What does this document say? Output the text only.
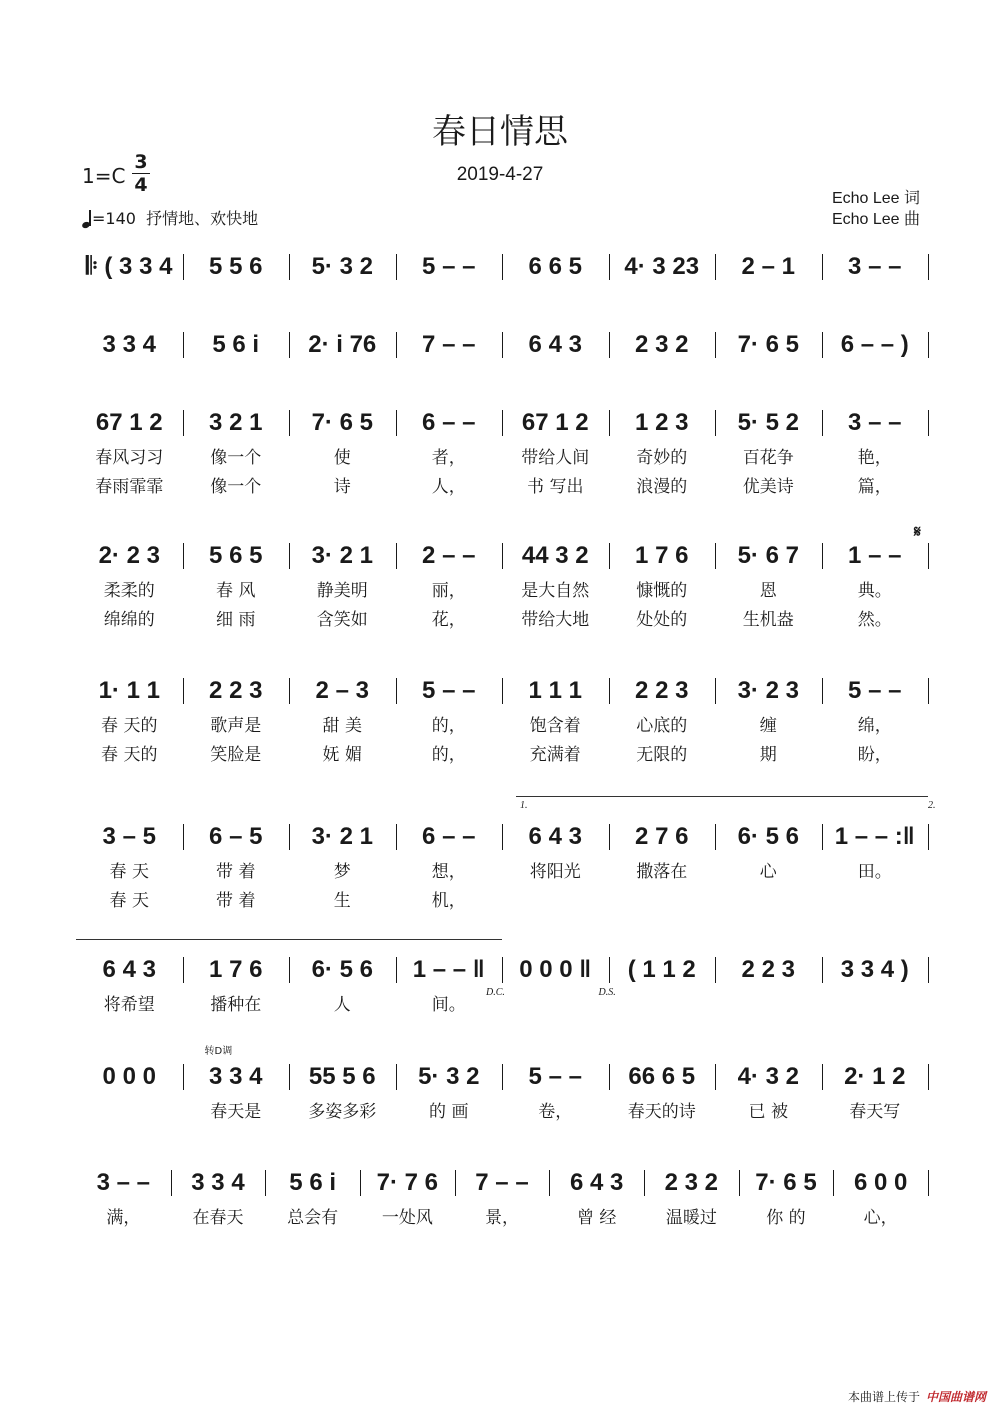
春日情思
2019-4-27
1=C
3
4
=140 抒情地、欢快地
Echo Lee 词
Echo Lee 曲
𝄋
𝄆 ( 3 3 4	5 5 6	5· 3 2	5 – –	6 6 5	4· 3 23	2 – 1	3 – –
3 3 4	5 6 i	2· i 76	7 – –	6 4 3	2 3 2	7· 6 5	6 – – )
67 1 2	3 2 1	7· 6 5	6 – –	67 1 2	1 2 3	5· 5 2	3 – –
春风习习	像一个	使	者，	带给人间	奇妙的	百花争	艳，
春雨霏霏	像一个	诗	人，	书 写出	浪漫的	优美诗	篇，
2· 2 3	5 6 5	3· 2 1	2 – –	44 3 2	1 7 6	5· 6 7	1 – –
柔柔的	春 风	静美明	丽，	是大自然	慷慨的	恩	典。
绵绵的	细 雨	含笑如	花，	带给大地	处处的	生机盎	然。
1· 1 1	2 2 3	2 – 3	5 – –	1 1 1	2 2 3	3· 2 3	5 – –
春 天的	歌声是	甜 美	的，	饱含着	心底的	缠	绵，
春 天的	笑脸是	妩 媚	的，	充满着	无限的	期	盼，
3 – 5	6 – 5	3· 2 1	6 – –	6 4 3	2 7 6	6· 5 6	1 – – :‖
春 天	带 着	梦	想，	将阳光	撒落在	心	田。
春 天	带 着	生	机，
1.	2.
6 4 3	1 7 6	6· 5 6	1 – – ‖	0 0 0 ‖	( 1 1 2	2 2 3	3 3 4 )
将希望	播种在	人	间。
D.C.	D.S.
0 0 0	3 3 4	55 5 6	5· 3 2	5 – –	66 6 5	4· 3 2	2· 1 2
春天是	多姿多彩	的 画	卷，	春天的诗	已 被	春天写
转D调
3 – –	3 3 4	5 6 i	7· 7 6	7 – –	6 4 3	2 3 2	7· 6 5	6 0 0
满，	在春天	总会有	一处风	景，	曾 经	温暖过	你 的	心，
本曲谱上传于 中国曲谱网
